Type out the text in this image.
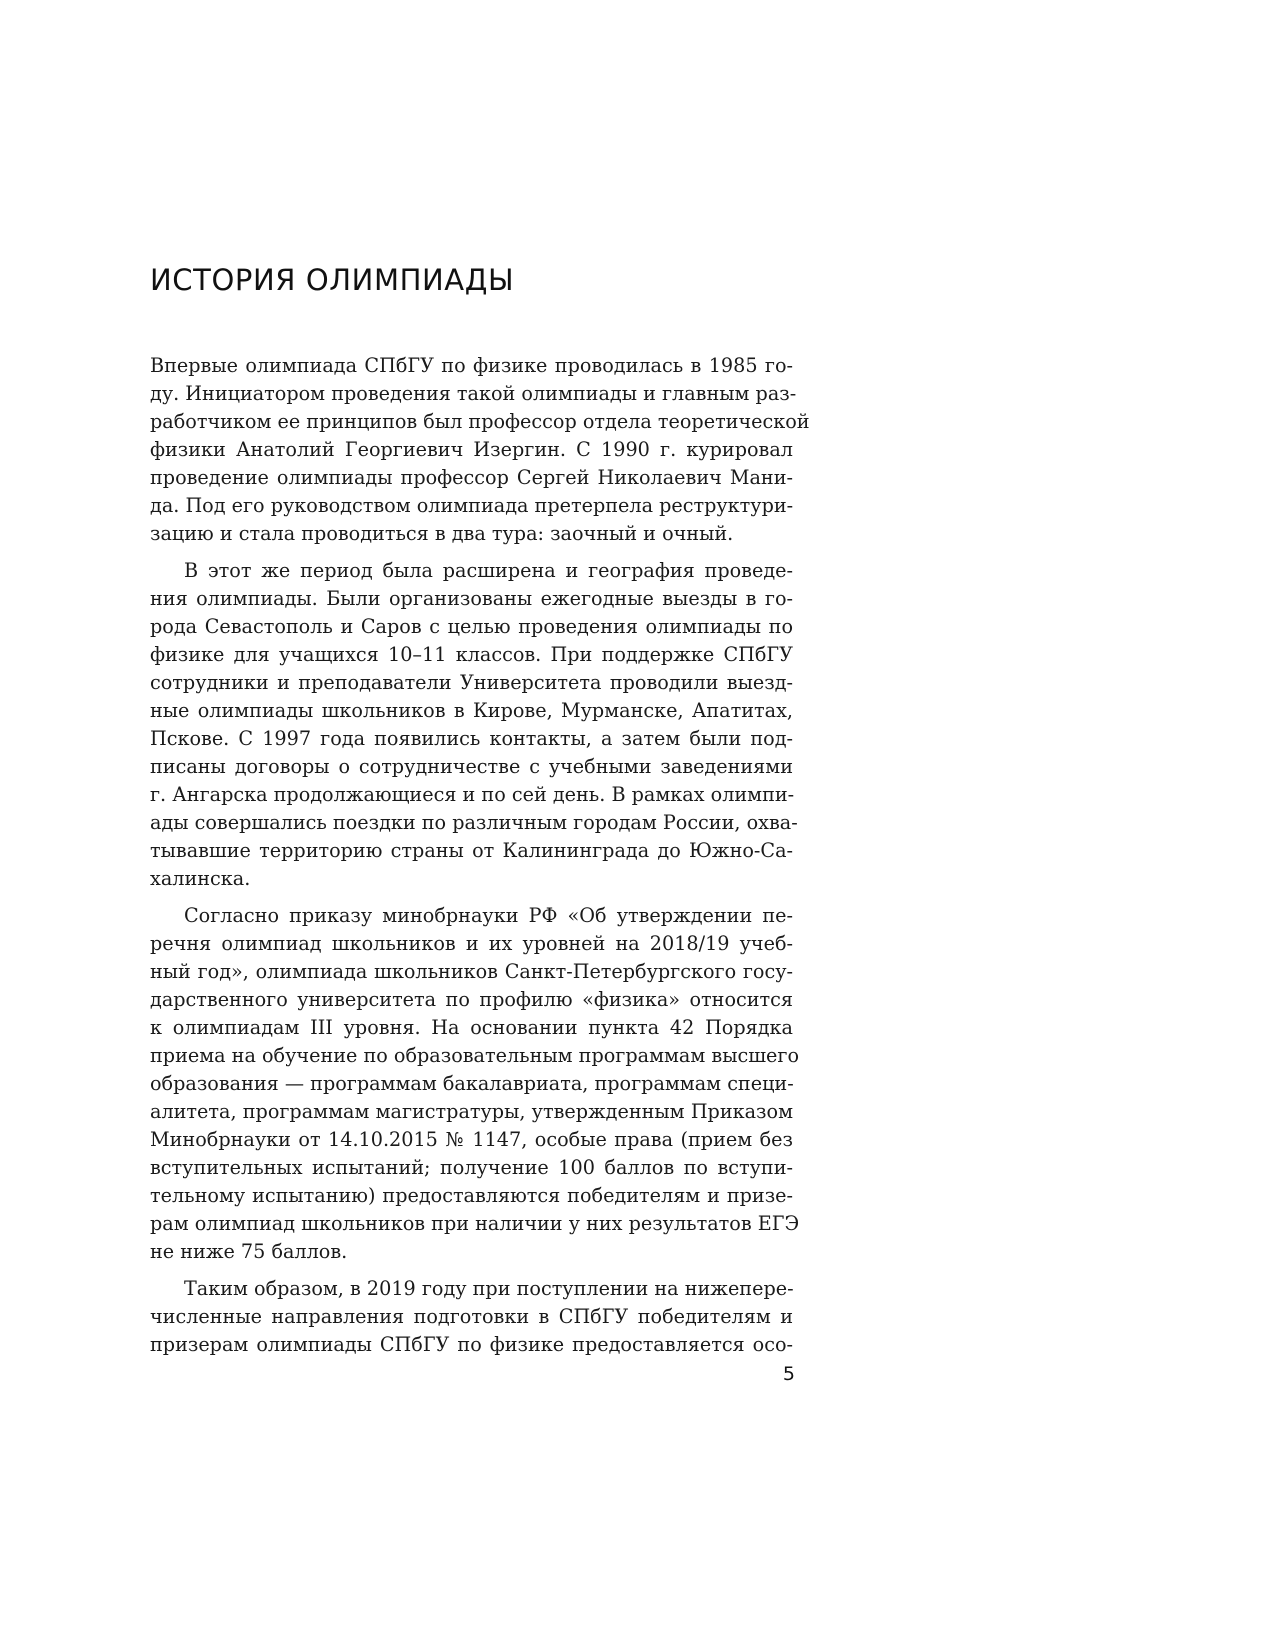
ИСТОРИЯ ОЛИМПИАДЫ
Впервые олимпиада СПбГУ по физике проводилась в 1985 го-
ду. Инициатором проведения такой олимпиады и главным раз-
работчиком ее принципов был профессор отдела теоретической
физики Анатолий Георгиевич Изергин. С 1990 г. курировал
проведение олимпиады профессор Сергей Николаевич Мани-
да. Под его руководством олимпиада претерпела реструктури-
зацию и стала проводиться в два тура: заочный и очный.
В этот же период была расширена и география проведе-
ния олимпиады. Были организованы ежегодные выезды в го-
рода Севастополь и Саров с целью проведения олимпиады по
физике для учащихся 10–11 классов. При поддержке СПбГУ
сотрудники и преподаватели Университета проводили выезд-
ные олимпиады школьников в Кирове, Мурманске, Апатитах,
Пскове. С 1997 года появились контакты, а затем были под-
писаны договоры о сотрудничестве с учебными заведениями
г. Ангарска продолжающиеся и по сей день. В рамках олимпи-
ады совершались поездки по различным городам России, охва-
тывавшие территорию страны от Калининграда до Южно-Са-
халинска.
Согласно приказу минобрнауки РФ «Об утверждении пе-
речня олимпиад школьников и их уровней на 2018/19 учеб-
ный год», олимпиада школьников Санкт-Петербургского госу-
дарственного университета по профилю «физика» относится
к олимпиадам III уровня. На основании пункта 42 Порядка
приема на обучение по образовательным программам высшего
образования — программам бакалавриата, программам специ-
алитета, программам магистратуры, утвержденным Приказом
Минобрнауки от 14.10.2015 № 1147, особые права (прием без
вступительных испытаний; получение 100 баллов по вступи-
тельному испытанию) предоставляются победителям и призе-
рам олимпиад школьников при наличии у них результатов ЕГЭ
не ниже 75 баллов.
Таким образом, в 2019 году при поступлении на нижепере-
численные направления подготовки в СПбГУ победителям и
призерам олимпиады СПбГУ по физике предоставляется осо-
5
